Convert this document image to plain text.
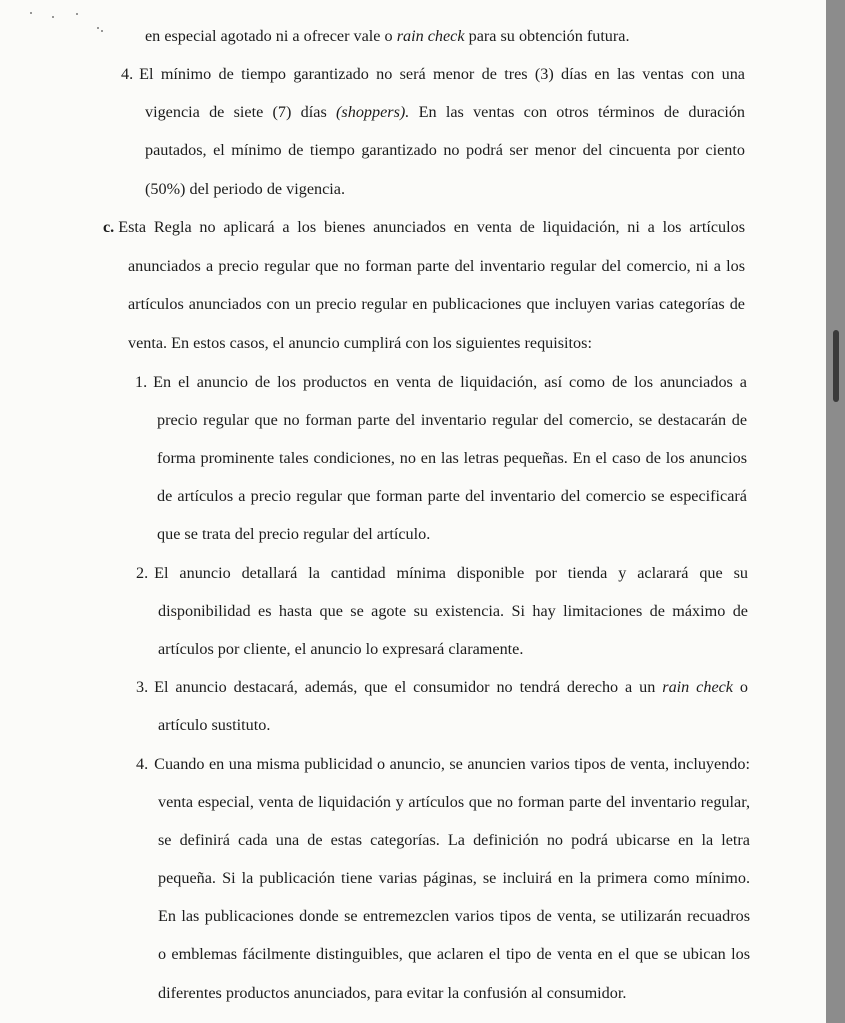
en especial agotado ni a ofrecer vale o rain check para su obtención futura.
4. El mínimo de tiempo garantizado no será menor de tres (3) días en las ventas con una
vigencia de siete (7) días (shoppers). En las ventas con otros términos de duración
pautados, el mínimo de tiempo garantizado no podrá ser menor del cincuenta por ciento
(50%) del periodo de vigencia.
c. Esta Regla no aplicará a los bienes anunciados en venta de liquidación, ni a los artículos
anunciados a precio regular que no forman parte del inventario regular del comercio, ni a los
artículos anunciados con un precio regular en publicaciones que incluyen varias categorías de
venta. En estos casos, el anuncio cumplirá con los siguientes requisitos:
1. En el anuncio de los productos en venta de liquidación, así como de los anunciados a
precio regular que no forman parte del inventario regular del comercio, se destacarán de
forma prominente tales condiciones, no en las letras pequeñas. En el caso de los anuncios
de artículos a precio regular que forman parte del inventario del comercio se especificará
que se trata del precio regular del artículo.
2. El anuncio detallará la cantidad mínima disponible por tienda y aclarará que su
disponibilidad es hasta que se agote su existencia. Si hay limitaciones de máximo de
artículos por cliente, el anuncio lo expresará claramente.
3. El anuncio destacará, además, que el consumidor no tendrá derecho a un rain check o
artículo sustituto.
4. Cuando en una misma publicidad o anuncio, se anuncien varios tipos de venta, incluyendo:
venta especial, venta de liquidación y artículos que no forman parte del inventario regular,
se definirá cada una de estas categorías. La definición no podrá ubicarse en la letra
pequeña. Si la publicación tiene varias páginas, se incluirá en la primera como mínimo.
En las publicaciones donde se entremezclen varios tipos de venta, se utilizarán recuadros
o emblemas fácilmente distinguibles, que aclaren el tipo de venta en el que se ubican los
diferentes productos anunciados, para evitar la confusión al consumidor.
